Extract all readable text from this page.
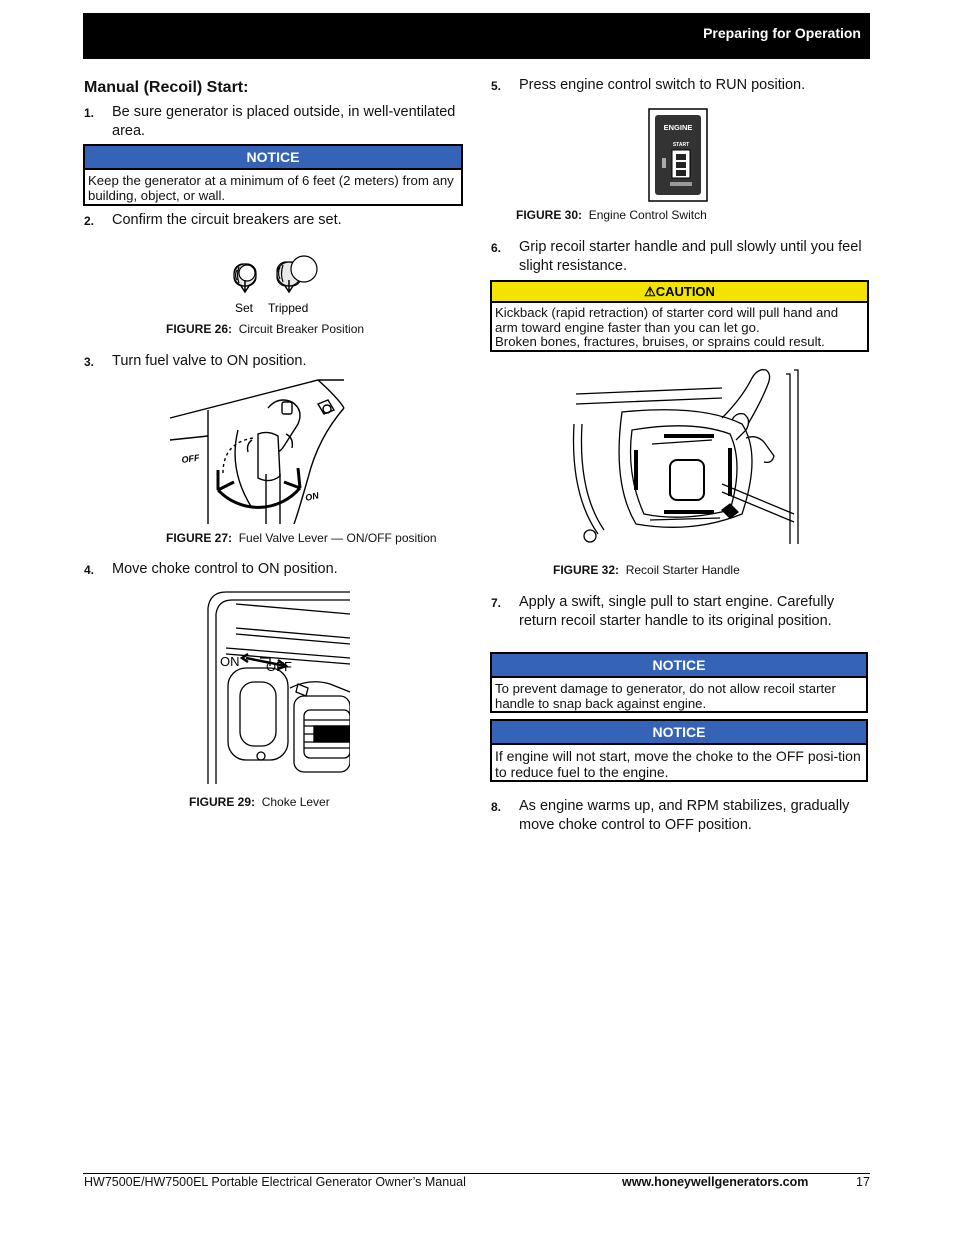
Preparing for Operation
Manual (Recoil) Start:
1. Be sure generator is placed outside, in well-ventilated area.
NOTICE
Keep the generator at a minimum of 6 feet (2 meters) from any building, object, or wall.
2. Confirm the circuit breakers are set.
Set Tripped
FIGURE 26: Circuit Breaker Position
3. Turn fuel valve to ON position.
OFF
ON
FIGURE 27: Fuel Valve Lever — ON/OFF position
4. Move choke control to ON position.
ON OFF
FIGURE 29: Choke Lever
5. Press engine control switch to RUN position.
ENGINE
START
FIGURE 30: Engine Control Switch
6. Grip recoil starter handle and pull slowly until you feel slight resistance.
⚠CAUTION
Kickback (rapid retraction) of starter cord will pull hand and arm toward engine faster than you can let go.
Broken bones, fractures, bruises, or sprains could result.
FIGURE 32: Recoil Starter Handle
7. Apply a swift, single pull to start engine. Carefully return recoil starter handle to its original position.
NOTICE
To prevent damage to generator, do not allow recoil starter handle to snap back against engine.
NOTICE
If engine will not start, move the choke to the OFF posi-tion to reduce fuel to the engine.
8. As engine warms up, and RPM stabilizes, gradually move choke control to OFF position.
HW7500E/HW7500EL Portable Electrical Generator Owner’s Manual	www.honeywellgenerators.com	17
